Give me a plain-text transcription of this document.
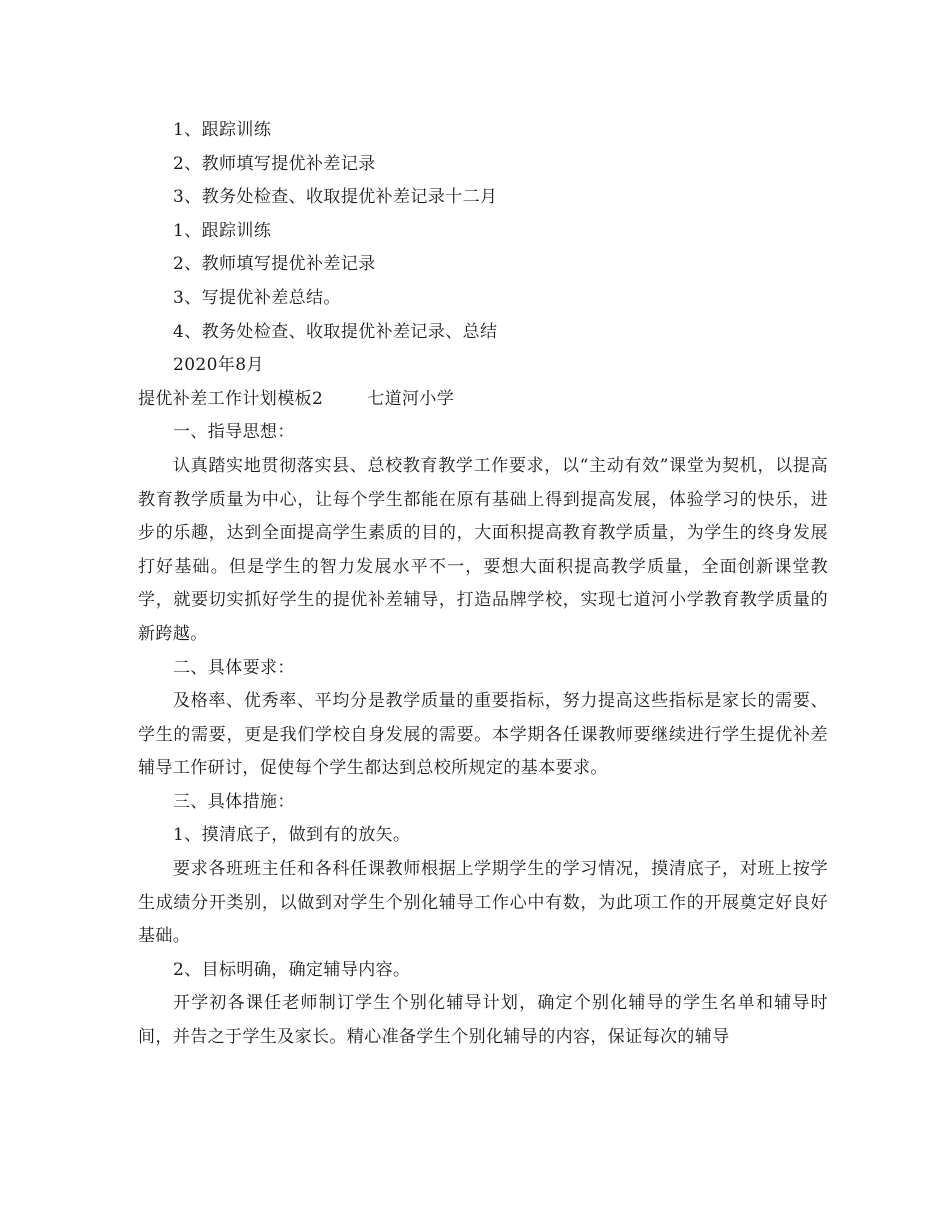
1、跟踪训练

2、教师填写提优补差记录

3、教务处检查、收取提优补差记录十二月

1、跟踪训练

2、教师填写提优补差记录

3、写提优补差总结。

4、教务处检查、收取提优补差记录、总结

2020年8月

提优补差工作计划模板2	七道河小学

一、指导思想：

认真踏实地贯彻落实县、总校教育教学工作要求，以“主动有效”课堂为契机，以提高教育教学质量为中心，让每个学生都能在原有基础上得到提高发展，体验学习的快乐，进步的乐趣，达到全面提高学生素质的目的，大面积提高教育教学质量，为学生的终身发展打好基础。但是学生的智力发展水平不一，要想大面积提高教学质量，全面创新课堂教学，就要切实抓好学生的提优补差辅导，打造品牌学校，实现七道河小学教育教学质量的新跨越。

二、具体要求：

及格率、优秀率、平均分是教学质量的重要指标，努力提高这些指标是家长的需要、学生的需要，更是我们学校自身发展的需要。本学期各任课教师要继续进行学生提优补差辅导工作研讨，促使每个学生都达到总校所规定的基本要求。

三、具体措施：

1、摸清底子，做到有的放矢。

要求各班班主任和各科任课教师根据上学期学生的学习情况，摸清底子，对班上按学生成绩分开类别，以做到对学生个别化辅导工作心中有数，为此项工作的开展奠定好良好基础。

2、目标明确，确定辅导内容。

开学初各课任老师制订学生个别化辅导计划，确定个别化辅导的学生名单和辅导时间，并告之于学生及家长。精心准备学生个别化辅导的内容，保证每次的辅导
